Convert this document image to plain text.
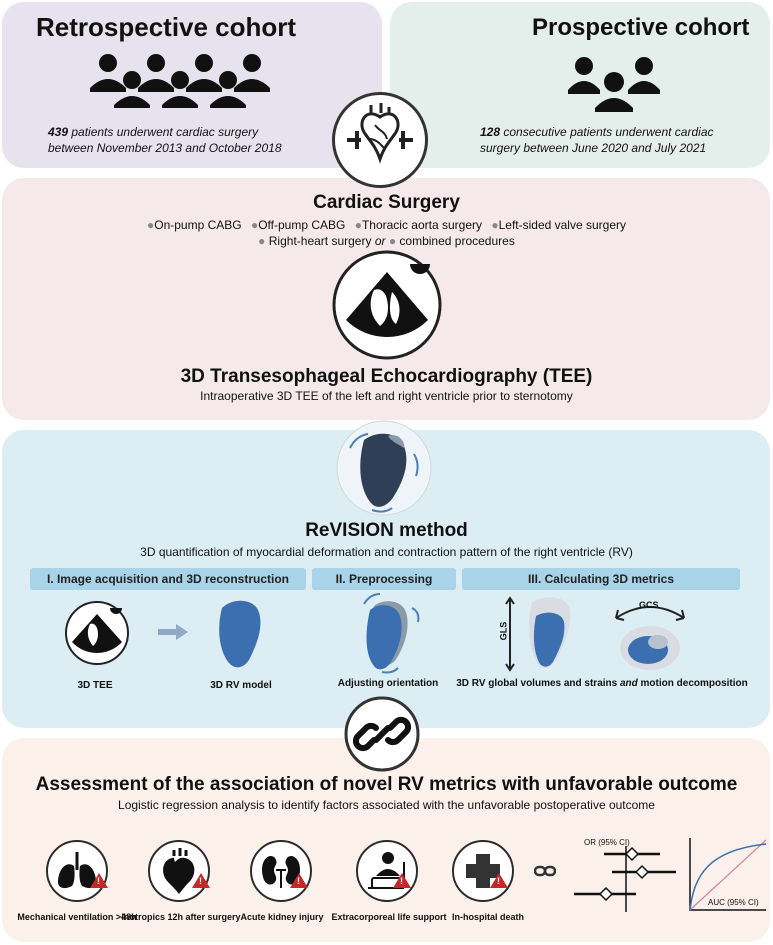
Retrospective cohort	Prospective cohort
439 patients underwent cardiac surgery
between November 2013 and October 2018
128 consecutive patients underwent cardiac
surgery between June 2020 and July 2021
Cardiac Surgery
●On-pump CABG ●Off-pump CABG ●Thoracic aorta surgery ●Left-sided valve surgery
● Right-heart surgery or ● combined procedures
3D Transesophageal Echocardiography (TEE)
Intraoperative 3D TEE of the left and right ventricle prior to sternotomy
ReVISION method
3D quantification of myocardial deformation and contraction pattern of the right ventricle (RV)
I. Image acquisition and 3D reconstruction	II. Preprocessing	III. Calculating 3D metrics
GLS
GCS
3D TEE	3D RV model	Adjusting orientation	3D RV global volumes and strains and motion decomposition
Assessment of the association of novel RV metrics with unfavorable outcome
Logistic regression analysis to identify factors associated with the unfavorable postoperative outcome
!	!	!	!	!
Mechanical ventilation >48h
Inotropics 12h after surgery Acute kidney injury Extracorporeal life support In-hospital death
OR (95% CI)
AUC (95% CI)
